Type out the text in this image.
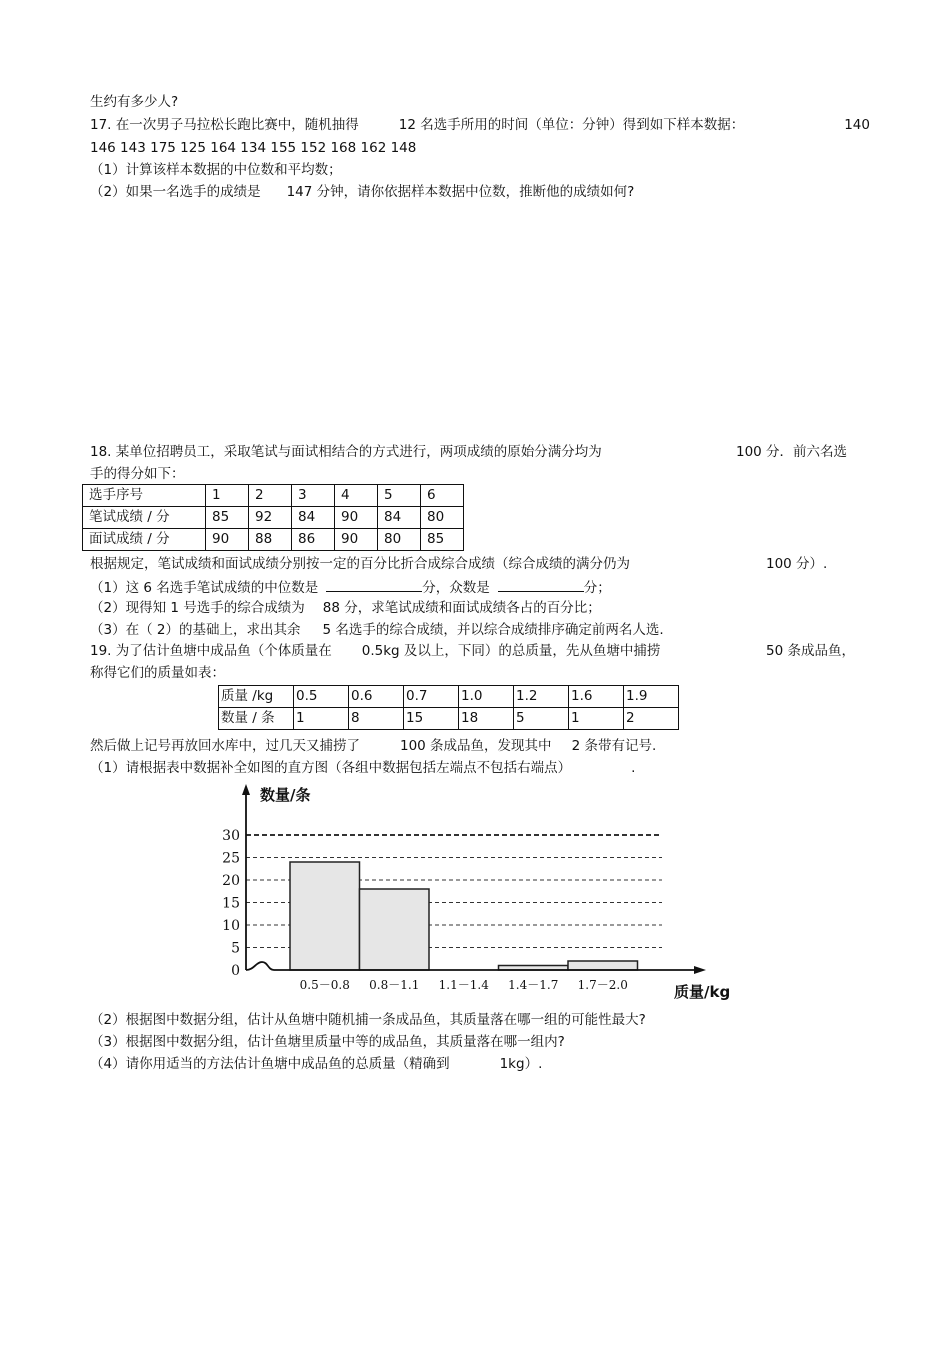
生约有多少人?
17. 在一次男子马拉松长跑比赛中，随机抽得	12 名选手所用的时间（单位：分钟）得到如下样本数据：	140
146 143 175 125 164 134 155 152 168 162 148
（1）计算该样本数据的中位数和平均数；
（2）如果一名选手的成绩是 147 分钟，请你依据样本数据中位数，推断他的成绩如何?
18. 某单位招聘员工，采取笔试与面试相结合的方式进行，两项成绩的原始分满分均为	100 分．前六名选
手的得分如下：
选手序号	1	2	3	4	5	6
笔试成绩 / 分	85	92	84	90	84	80
面试成绩 / 分	90	88	86	90	80	85
根据规定，笔试成绩和面试成绩分别按一定的百分比折合成综合成绩（综合成绩的满分仍为	100 分）.
（1）这 6 名选手笔试成绩的中位数是	分，众数是	分；
（2）现得知 1 号选手的综合成绩为 88 分，求笔试成绩和面试成绩各占的百分比；
（3）在（ 2）的基础上，求出其余 5 名选手的综合成绩，并以综合成绩排序确定前两名人选.
19. 为了估计鱼塘中成品鱼（个体质量在 0.5kg 及以上，下同）的总质量，先从鱼塘中捕捞	50 条成品鱼，
称得它们的质量如表：
质量 /kg	0.5	0.6	0.7	1.0	1.2	1.6	1.9
数量 / 条	1	8	15	18	5	1	2
然后做上记号再放回水库中，过几天又捕捞了	100 条成品鱼，发现其中 2 条带有记号.
（1）请根据表中数据补全如图的直方图（各组中数据包括左端点不包括右端点）	.
数量/条
质量/kg
0
5
10
15
20
25
30
0.5－0.8 0.8－1.1 1.1－1.4 1.4－1.7 1.7－2.0
（2）根据图中数据分组，估计从鱼塘中随机捕一条成品鱼，其质量落在哪一组的可能性最大?
（3）根据图中数据分组，估计鱼塘里质量中等的成品鱼，其质量落在哪一组内?
（4）请你用适当的方法估计鱼塘中成品鱼的总质量（精确到	1kg）.
